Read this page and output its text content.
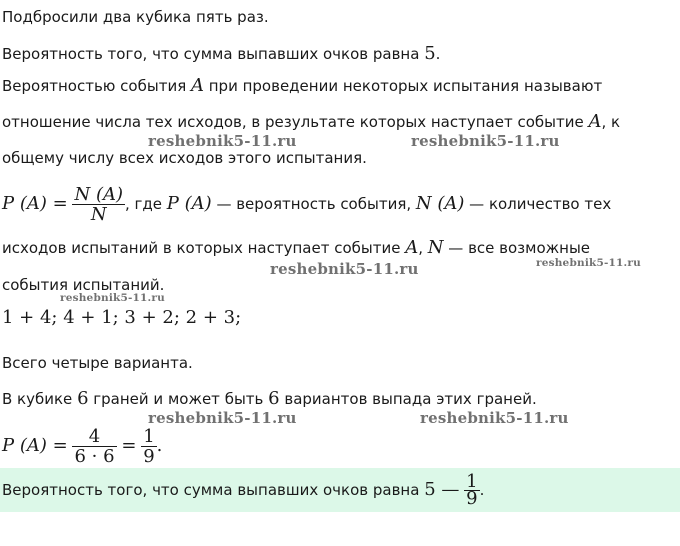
Подбросили два кубика пять раз.
Вероятность того, что сумма выпавших очков равна 5.
Вероятностью события A при проведении некоторых испытания называют
отношение числа тех исходов, в результате которых наступает событие A, к
общему числу всех исходов этого испытания.
P $(A) = \frac{N (A)}{N}$ , где P (A) — вероятность события, N (A) — количество тех
исходов испытаний в которых наступает событие A, N — все возможные
события испытаний.
1 + 4; 4 + 1; 3 + 2; 2 + 3;
Всего четыре варианта.
В кубике 6 граней и может быть 6 вариантов выпада этих граней.
P $(A) = \frac{4}{6 \cdot 6} = \frac{1}{9}$ .
Вероятность того, что сумма выпавших очков равна 5 — $\frac{1}{9}$ .
reshebnik5-11.ru	reshebnik5-11.ru
reshebnik5-11.ru	reshebnik5-11.ru
reshebnik5-11.ru
reshebnik5-11.ru	reshebnik5-11.ru
